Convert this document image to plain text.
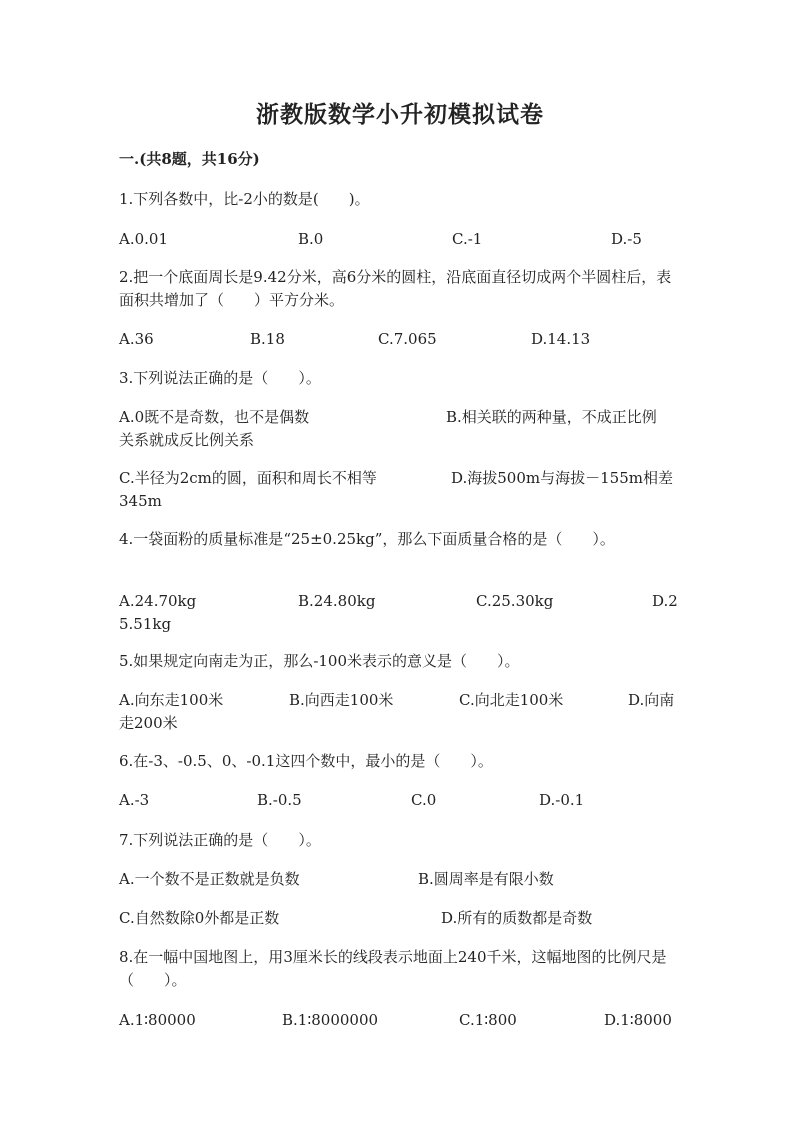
浙教版数学小升初模拟试卷
一.(共8题，共16分)
1.下列各数中，比-2小的数是(　　)。
A.0.01	B.0	C.-1	D.-5
2.把一个底面周长是9.42分米，高6分米的圆柱，沿底面直径切成两个半圆柱后，表面积共增加了（　　）平方分米。
A.36	B.18	C.7.065	D.14.13
3.下列说法正确的是（　　）。
A.0既不是奇数，也不是偶数	B.相关联的两种量，不成正比例
关系就成反比例关系
C.半径为2cm的圆，面积和周长不相等	D.海拔500m与海拔－155m相差
345m
4.一袋面粉的质量标准是“25±0.25kg”，那么下面质量合格的是（　　）。
A.24.70kg	B.24.80kg	C.25.30kg	D.2
5.51kg
5.如果规定向南走为正，那么-100米表示的意义是（　　）。
A.向东走100米	B.向西走100米	C.向北走100米	D.向南
走200米
6.在-3、-0.5、0、-0.1这四个数中，最小的是（　　）。
A.-3	B.-0.5	C.0	D.-0.1
7.下列说法正确的是（　　）。
A.一个数不是正数就是负数	B.圆周率是有限小数
C.自然数除0外都是正数	D.所有的质数都是奇数
8.在一幅中国地图上，用3厘米长的线段表示地面上240千米，这幅地图的比例尺是（　　）。
A.1∶80000	B.1∶8000000	C.1∶800	D.1∶8000
